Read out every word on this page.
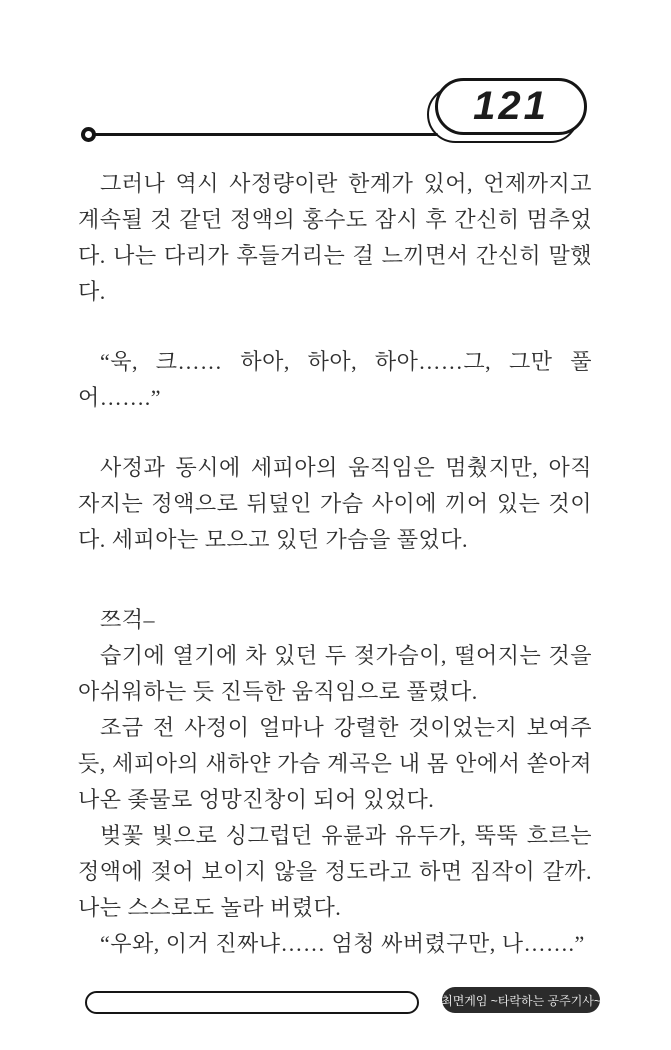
121

그러나 역시 사정량이란 한계가 있어, 언제까지고 계속될 것 같던 정액의 홍수도 잠시 후 간신히 멈추었다. 나는 다리가 후들거리는 걸 느끼면서 간신히 말했다.

“욱, 크…… 하아, 하아, 하아……그, 그만 풀어…….”

사정과 동시에 세피아의 움직임은 멈췄지만, 아직 자지는 정액으로 뒤덮인 가슴 사이에 끼어 있는 것이다. 세피아는 모으고 있던 가슴을 풀었다.

쯔걱–

습기에 열기에 차 있던 두 젖가슴이, 떨어지는 것을 아쉬워하는 듯 진득한 움직임으로 풀렸다.

조금 전 사정이 얼마나 강렬한 것이었는지 보여주듯, 세피아의 새하얀 가슴 계곡은 내 몸 안에서 쏟아져 나온 좆물로 엉망진창이 되어 있었다.

벚꽃 빛으로 싱그럽던 유륜과 유두가, 뚝뚝 흐르는 정액에 젖어 보이지 않을 정도라고 하면 짐작이 갈까. 나는 스스로도 놀라 버렸다.

“우와, 이거 진짜냐…… 엄청 싸버렸구만, 나…….”

최면게임 ~타락하는 공주기사~
